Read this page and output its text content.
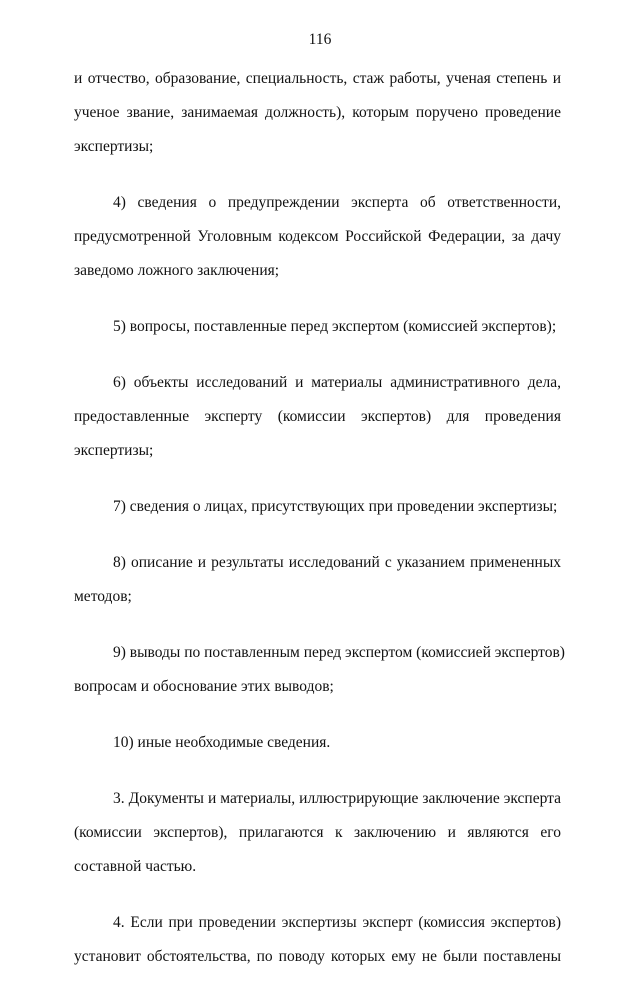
116
и отчество, образование, специальность, стаж работы, ученая степень и
ученое звание, занимаемая должность), которым поручено проведение
экспертизы;
4) сведения о предупреждении эксперта об ответственности,
предусмотренной Уголовным кодексом Российской Федерации, за дачу
заведомо ложного заключения;
5) вопросы, поставленные перед экспертом (комиссией экспертов);
6) объекты исследований и материалы административного дела,
предоставленные эксперту (комиссии экспертов) для проведения
экспертизы;
7) сведения о лицах, присутствующих при проведении экспертизы;
8) описание и результаты исследований с указанием примененных
методов;
9) выводы по поставленным перед экспертом (комиссией экспертов)
вопросам и обоснование этих выводов;
10) иные необходимые сведения.
3. Документы и материалы, иллюстрирующие заключение эксперта
(комиссии экспертов), прилагаются к заключению и являются его
составной частью.
4. Если при проведении экспертизы эксперт (комиссия экспертов)
установит обстоятельства, по поводу которых ему не были поставлены
